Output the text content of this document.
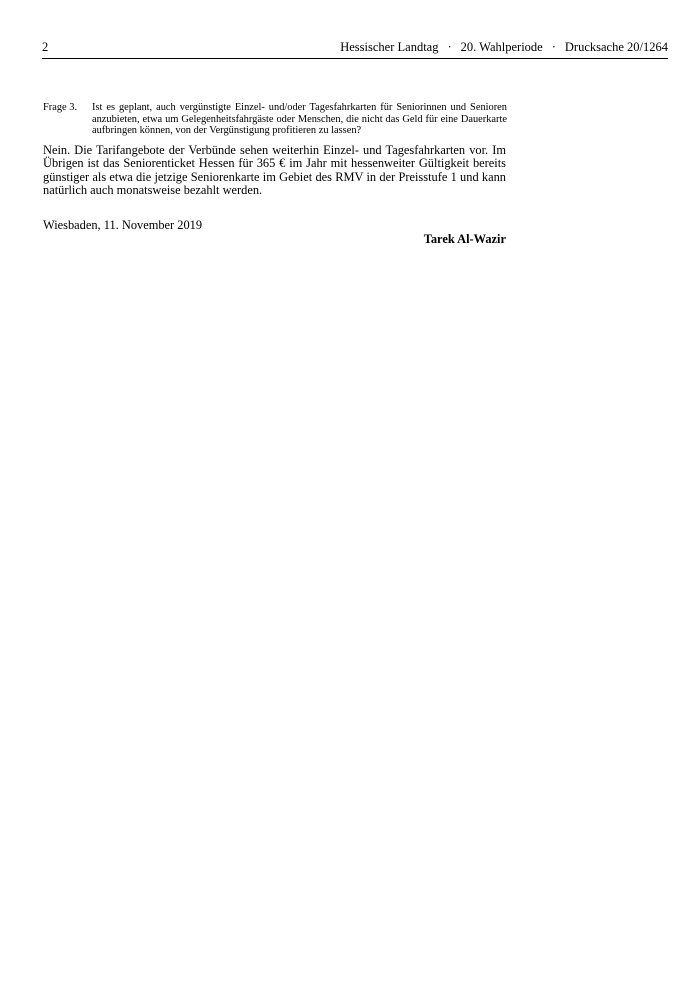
2	Hessischer Landtag · 20. Wahlperiode · Drucksache 20/1264
Frage 3.	Ist es geplant, auch vergünstigte Einzel- und/oder Tagesfahrkarten für Seniorinnen und Senioren anzubieten, etwa um Gelegenheitsfahrgäste oder Menschen, die nicht das Geld für eine Dauerkarte aufbringen können, von der Vergünstigung profitieren zu lassen?
Nein. Die Tarifangebote der Verbünde sehen weiterhin Einzel- und Tagesfahrkarten vor. Im Übrigen ist das Seniorenticket Hessen für 365 € im Jahr mit hessenweiter Gültigkeit bereits günstiger als etwa die jetzige Seniorenkarte im Gebiet des RMV in der Preisstufe 1 und kann natürlich auch monatsweise bezahlt werden.
Wiesbaden, 11. November 2019
Tarek Al-Wazir
